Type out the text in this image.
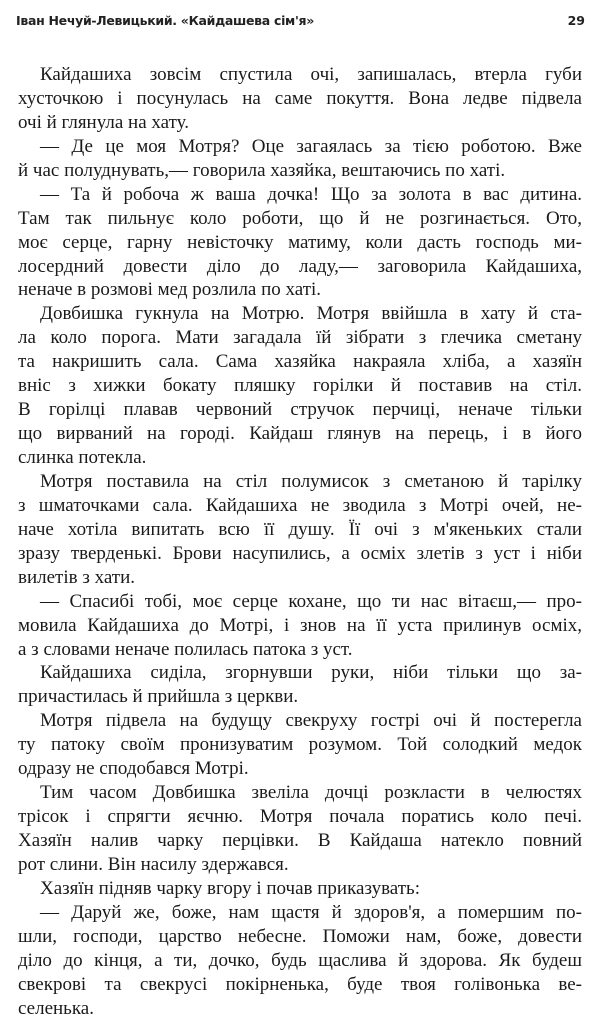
Іван Нечуй-Левицький. «Кайдашева сім'я»	29
Кайдашиха зовсім спустила очі, запишалась, втерла губи
хусточкою і посунулась на саме покуття. Вона ледве підвела
очі й глянула на хату.
— Де це моя Мотря? Оце загаялась за тією роботою. Вже
й час полуднувать,— говорила хазяйка, вештаючись по хаті.
— Та й робоча ж ваша дочка! Що за золота в вас дитина.
Там так пильнує коло роботи, що й не розгинається. Ото,
моє серце, гарну невісточку матиму, коли дасть господь ми-
лосердний довести діло до ладу,— заговорила Кайдашиха,
неначе в розмові мед розлила по хаті.
Довбишка гукнула на Мотрю. Мотря ввійшла в хату й ста-
ла коло порога. Мати загадала їй зібрати з глечика сметану
та накришить сала. Сама хазяйка накраяла хліба, а хазяїн
вніс з хижки бокату пляшку горілки й поставив на стіл.
В горілці плавав червоний стручок перчиці, неначе тільки
що вирваний на городі. Кайдаш глянув на перець, і в його
слинка потекла.
Мотря поставила на стіл полумисок з сметаною й тарілку
з шматочками сала. Кайдашиха не зводила з Мотрі очей, не-
наче хотіла випитать всю її душу. Її очі з м'якеньких стали
зразу тверденькі. Брови насупились, а осміх злетів з уст і ніби
вилетів з хати.
— Спасибі тобі, моє серце кохане, що ти нас вітаєш,— про-
мовила Кайдашиха до Мотрі, і знов на її уста прилинув осміх,
а з словами неначе полилась патока з уст.
Кайдашиха сиділа, згорнувши руки, ніби тільки що за-
причастилась й прийшла з церкви.
Мотря підвела на будущу свекруху гострі очі й постерегла
ту патоку своїм пронизуватим розумом. Той солодкий медок
одразу не сподобався Мотрі.
Тим часом Довбишка звеліла дочці розкласти в челюстях
трісок і спрягти яєчню. Мотря почала поратись коло печі.
Хазяїн налив чарку перцівки. В Кайдаша натекло повний
рот слини. Він насилу здержався.
Хазяїн підняв чарку вгору і почав приказувать:
— Даруй же, боже, нам щастя й здоров'я, а помершим по-
шли, господи, царство небесне. Поможи нам, боже, довести
діло до кінця, а ти, дочко, будь щаслива й здорова. Як будеш
свекрові та свекрусі покірненька, буде твоя голівонька ве-
селенька.
